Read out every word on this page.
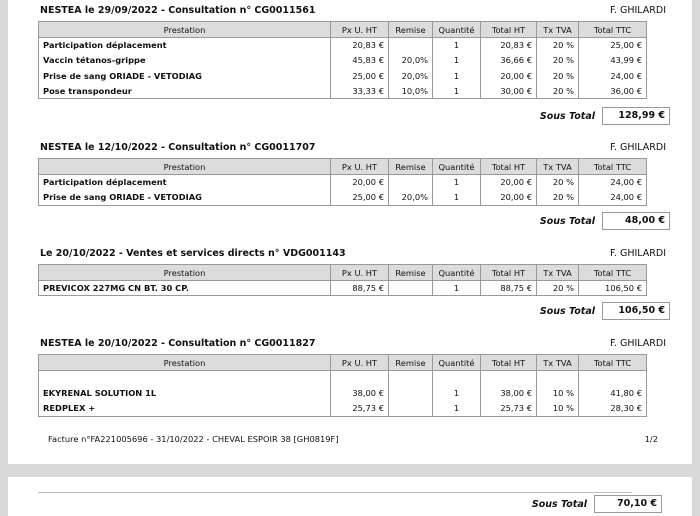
NESTEA le 29/09/2022 - Consultation n° CG0011561	F. GHILARDI
Prestation	Px U. HT	Remise	Quantité	Total HT	Tx TVA	Total TTC
Participation déplacement	20,83 €		1	20,83 €	20 %	25,00 €
Vaccin tétanos-grippe	45,83 €	20,0%	1	36,66 €	20 %	43,99 €
Prise de sang ORIADE - VETODIAG	25,00 €	20,0%	1	20,00 €	20 %	24,00 €
Pose transpondeur	33,33 €	10,0%	1	30,00 €	20 %	36,00 €
Sous Total	128,99 €
NESTEA le 12/10/2022 - Consultation n° CG0011707	F. GHILARDI
Prestation	Px U. HT	Remise	Quantité	Total HT	Tx TVA	Total TTC
Participation déplacement	20,00 €		1	20,00 €	20 %	24,00 €
Prise de sang ORIADE - VETODIAG	25,00 €	20,0%	1	20,00 €	20 %	24,00 €
Sous Total	48,00 €
Le 20/10/2022 - Ventes et services directs n° VDG001143	F. GHILARDI
Prestation	Px U. HT	Remise	Quantité	Total HT	Tx TVA	Total TTC
PREVICOX 227MG CN BT. 30 CP.	88,75 €		1	88,75 €	20 %	106,50 €
Sous Total	106,50 €
NESTEA le 20/10/2022 - Consultation n° CG0011827	F. GHILARDI
Prestation	Px U. HT	Remise	Quantité	Total HT	Tx TVA	Total TTC

EKYRENAL SOLUTION 1L	38,00 €		1	38,00 €	10 %	41,80 €
REDPLEX +	25,73 €		1	25,73 €	10 %	28,30 €
Facture n°FA221005696 - 31/10/2022 - CHEVAL ESPOIR 38 [GH0819F]	1/2
Sous Total	70,10 €
